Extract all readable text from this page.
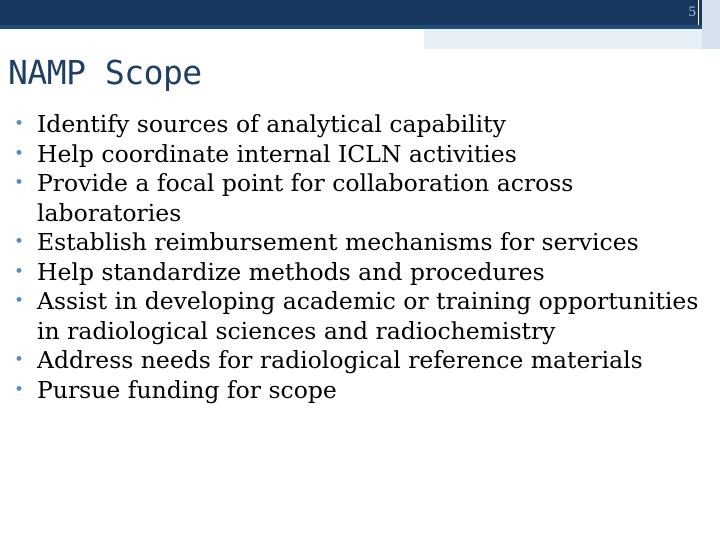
5
NAMP Scope
• Identify sources of analytical capability
• Help coordinate internal ICLN activities
• Provide a focal point for collaboration across laboratories
• Establish reimbursement mechanisms for services
• Help standardize methods and procedures
• Assist in developing academic or training opportunities in radiological sciences and radiochemistry
• Address needs for radiological reference materials
• Pursue funding for scope
